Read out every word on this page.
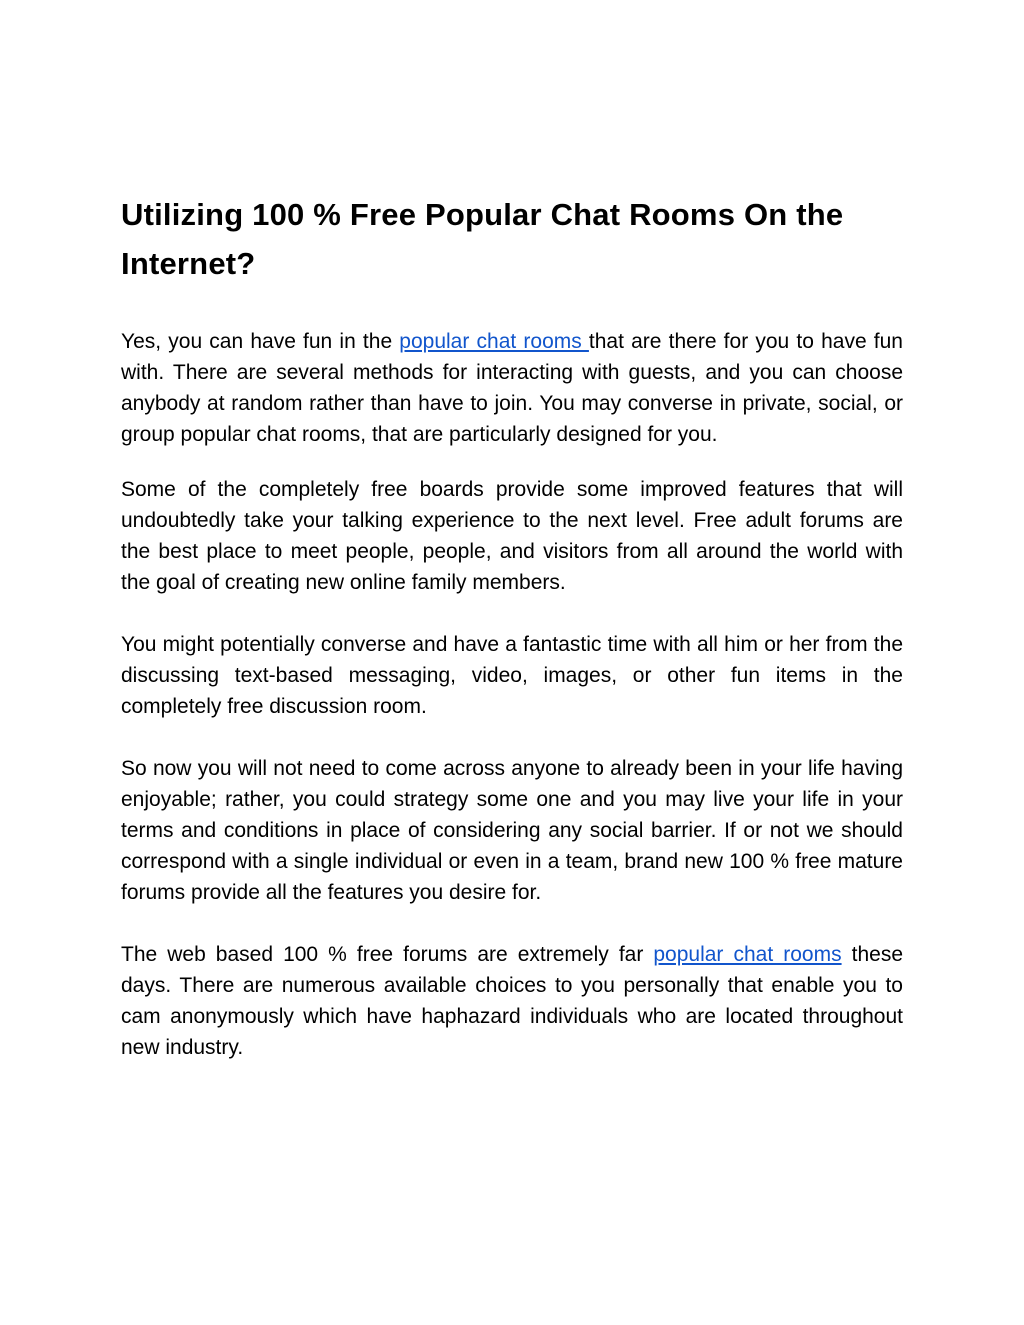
Utilizing 100 % Free Popular Chat Rooms On the Internet?

Yes, you can have fun in the popular chat rooms that are there for you to have fun with. There are several methods for interacting with guests, and you can choose anybody at random rather than have to join. You may converse in private, social, or group popular chat rooms, that are particularly designed for you.

Some of the completely free boards provide some improved features that will undoubtedly take your talking experience to the next level. Free adult forums are the best place to meet people, people, and visitors from all around the world with the goal of creating new online family members.

You might potentially converse and have a fantastic time with all him or her from the discussing text-based messaging, video, images, or other fun items in the completely free discussion room.

So now you will not need to come across anyone to already been in your life having enjoyable; rather, you could strategy some one and you may live your life in your terms and conditions in place of considering any social barrier. If or not we should correspond with a single individual or even in a team, brand new 100 % free mature forums provide all the features you desire for.

The web based 100 % free forums are extremely far popular chat rooms these days. There are numerous available choices to you personally that enable you to cam anonymously which have haphazard individuals who are located throughout new industry.
